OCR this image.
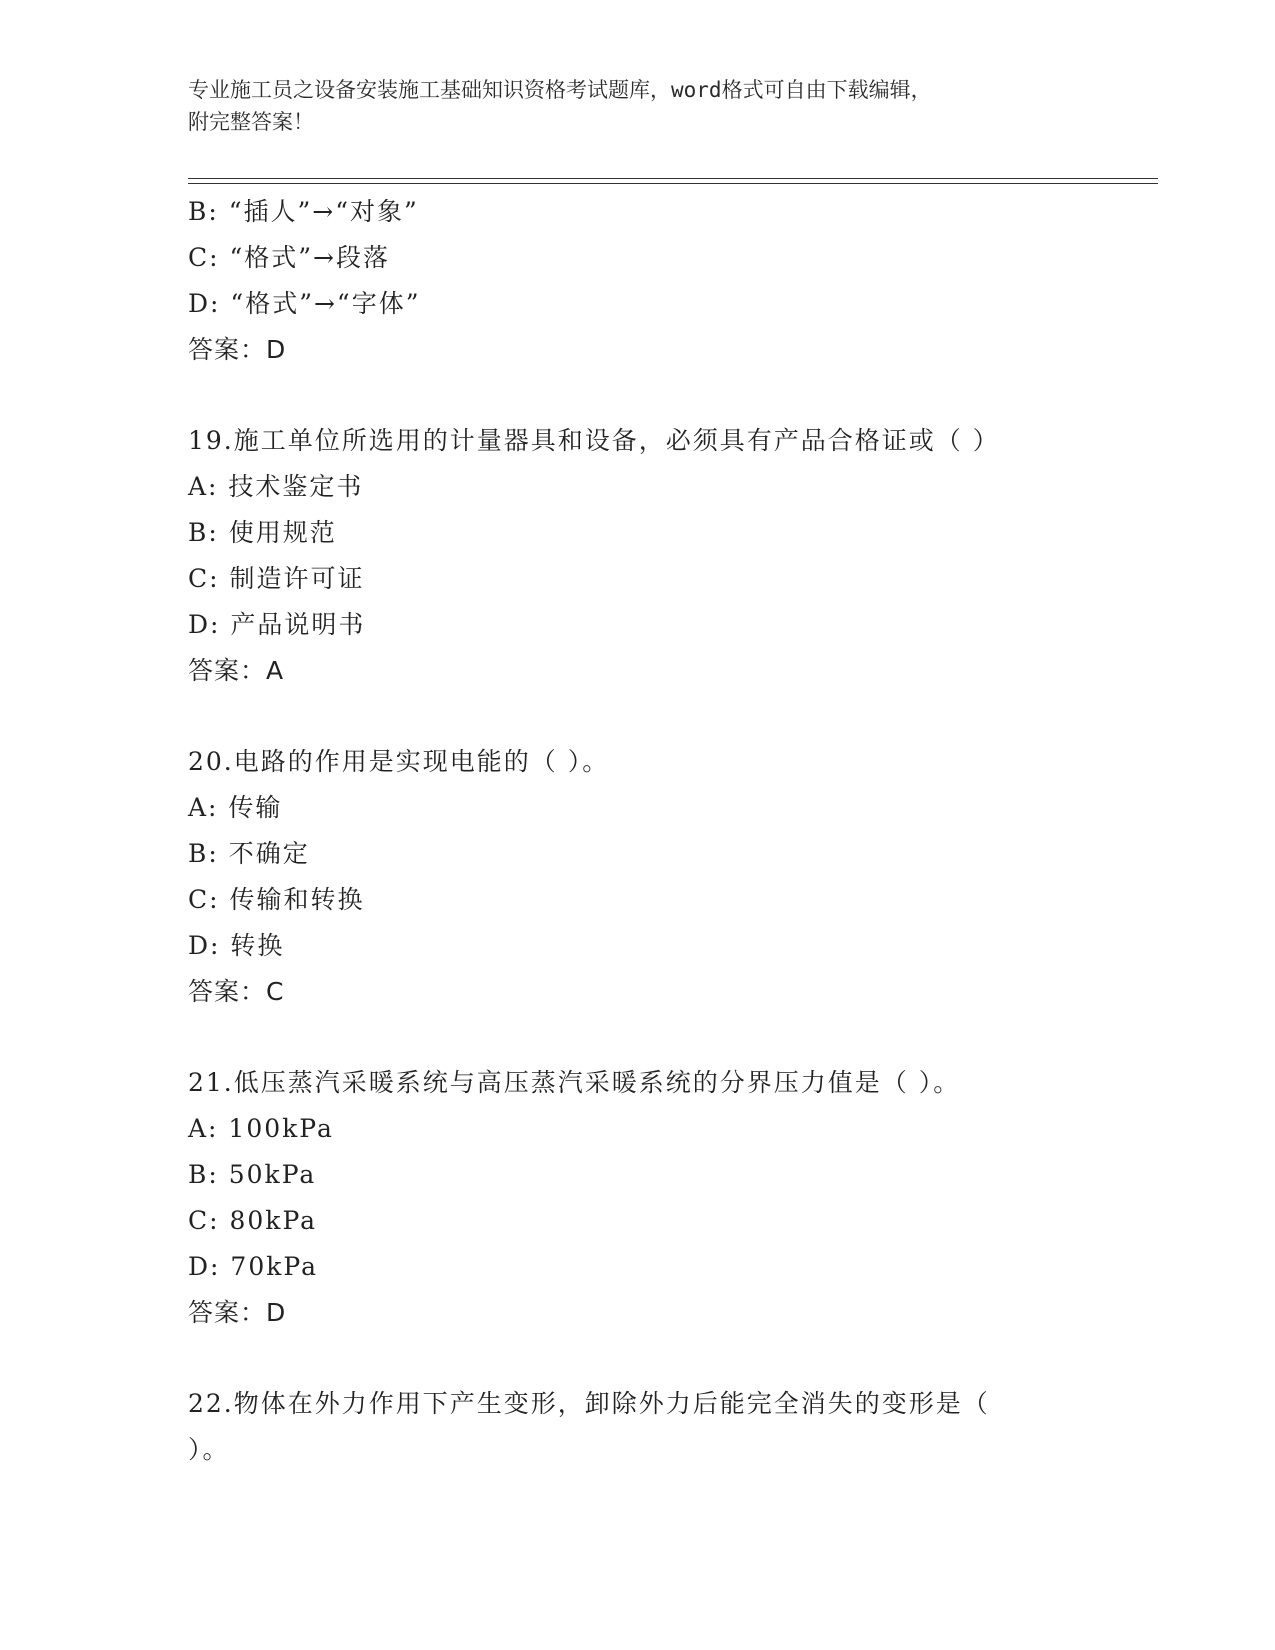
专业施工员之设备安装施工基础知识资格考试题库，word格式可自由下载编辑，
附完整答案！
B: “插人”→“对象”
C: “格式”→段落
D: “格式”→“字体”
答案：D
19.施工单位所选用的计量器具和设备，必须具有产品合格证或（ ）
A: 技术鉴定书
B: 使用规范
C: 制造许可证
D: 产品说明书
答案：A
20.电路的作用是实现电能的（ ）。
A: 传输
B: 不确定
C: 传输和转换
D: 转换
答案：C
21.低压蒸汽采暖系统与高压蒸汽采暖系统的分界压力值是（ ）。
A: 100kPa
B: 50kPa
C: 80kPa
D: 70kPa
答案：D
22.物体在外力作用下产生变形，卸除外力后能完全消失的变形是（
）。
